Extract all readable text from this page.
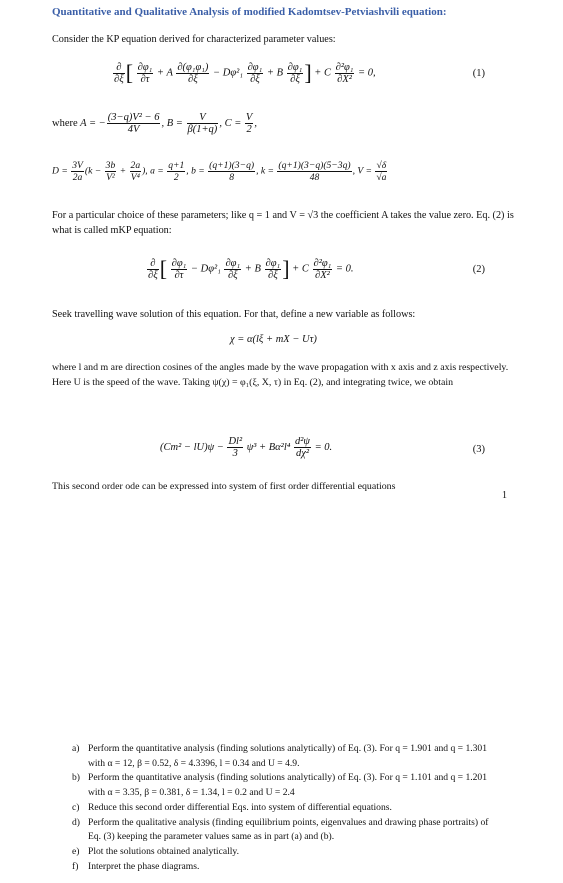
Quantitative and Qualitative Analysis of modified Kadomtsev-Petviashvili equation:
Consider the KP equation derived for characterized parameter values:
$\frac{\partial}{\partial\xi}$ [ $\frac{\text{∂φ₁}}{\partial\tau} + A \frac{\text{∂(φ₁φ₁)}}{\partial\xi} - D\varphi^2_1 \frac{\text{∂φ₁}}{\partial\xi} + B \frac{\text{∂φ₁}}{\partial\xi}$ ] + C $\frac{\text{∂²φ₁}}{\text{∂X²}} = 0$,	(1)
where A = − $\frac{\text{(3−q)V² − 6}}{4V}$ , $B = \frac{V}{\beta(1+q)}$ , $C = \frac{V}{2}$ ,
$D = \frac{3V}{2a} (k - \frac{3b}{\text{V²}} + \frac{2a}{\text{V⁴}}$ ), $a = \frac{q+1}{2}$ , $b = \frac{(q+1)(3-q)}{8}$ , $k = \frac{(q+1)(3-q)(5-3q)}{48}$ , $V = \frac{√\delta}{√a}$
For a particular choice of these parameters; like q = 1 and V = √3 the coefficient A takes the value zero. Eq. (2) is what is called mKP equation:
$\frac{\partial}{\partial\xi}$ [ $\frac{\text{∂φ₁}}{\partial\tau} - D\varphi^2_1 \frac{\text{∂φ₁}}{\partial\xi} + B \frac{\text{∂φ₁}}{\partial\xi}$ ] + C $\frac{\text{∂²φ₁}}{\text{∂X²}} = 0$.	(2)
Seek travelling wave solution of this equation. For that, define a new variable as follows:
χ = α(lξ + mX − Uτ)
where l and m are direction cosines of the angles made by the wave propagation with x axis and z axis respectively. Here U is the speed of the wave. Taking ψ(χ) = φ₁(ξ, X, τ) in Eq. (2), and integrating twice, we obtain
$(Cm^2 - lU)\psi - \frac{\text{Dl²}}{3} \psi^3 + B\alpha^2l^4 \frac{\text{d²ψ}}{\text{dχ²}} = 0$.	(3)
This second order ode can be expressed into system of first order differential equations
1
a) Perform the quantitative analysis (finding solutions analytically) of Eq. (3). For q = 1.901 and q = 1.301 with α = 12, β = 0.52, δ = 4.3396, l = 0.34 and U = 4.9.
b) Perform the quantitative analysis (finding solutions analytically) of Eq. (3). For q = 1.101 and q = 1.201 with α = 3.35, β = 0.381, δ = 1.34, l = 0.2 and U = 2.4
c) Reduce this second order differential Eqs. into system of differential equations.
d) Perform the qualitative analysis (finding equilibrium points, eigenvalues and drawing phase portraits) of Eq. (3) keeping the parameter values same as in part (a) and (b).
e) Plot the solutions obtained analytically.
f) Interpret the phase diagrams.
